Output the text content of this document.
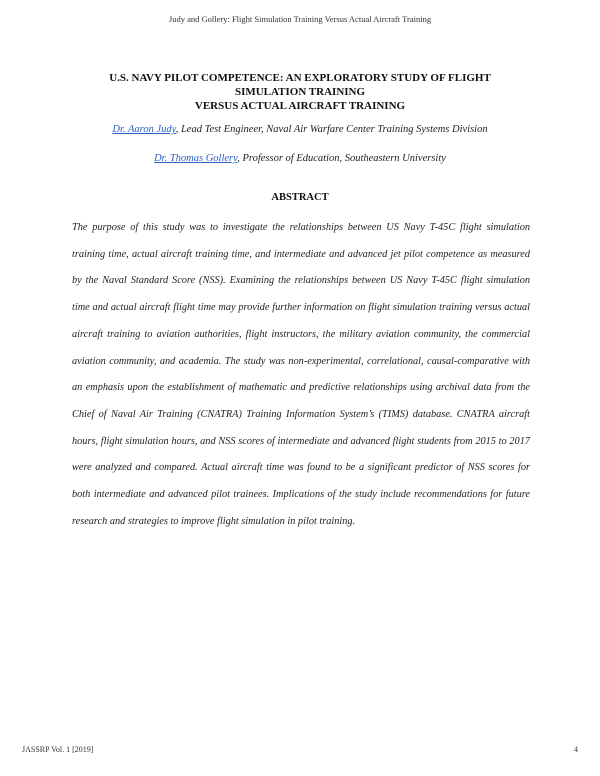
Judy and Gollery: Flight Simulation Training Versus Actual Aircraft Training
U.S. NAVY PILOT COMPETENCE: AN EXPLORATORY STUDY OF FLIGHT
SIMULATION TRAINING
VERSUS ACTUAL AIRCRAFT TRAINING
Dr. Aaron Judy, Lead Test Engineer, Naval Air Warfare Center Training Systems Division
Dr. Thomas Gollery, Professor of Education, Southeastern University
ABSTRACT

The purpose of this study was to investigate the relationships between US Navy T-45C flight simulation training time, actual aircraft training time, and intermediate and advanced jet pilot competence as measured by the Naval Standard Score (NSS). Examining the relationships between US Navy T-45C flight simulation time and actual aircraft flight time may provide further information on flight simulation training versus actual aircraft training to aviation authorities, flight instructors, the military aviation community, the commercial aviation community, and academia. The study was non-experimental, correlational, causal-comparative with an emphasis upon the establishment of mathematic and predictive relationships using archival data from the Chief of Naval Air Training (CNATRA) Training Information System’s (TIMS) database. CNATRA aircraft hours, flight simulation hours, and NSS scores of intermediate and advanced flight students from 2015 to 2017 were analyzed and compared. Actual aircraft time was found to be a significant predictor of NSS scores for both intermediate and advanced pilot trainees. Implications of the study include recommendations for future research and strategies to improve flight simulation in pilot training.

JASSRP Vol. 1 [2019]	4
